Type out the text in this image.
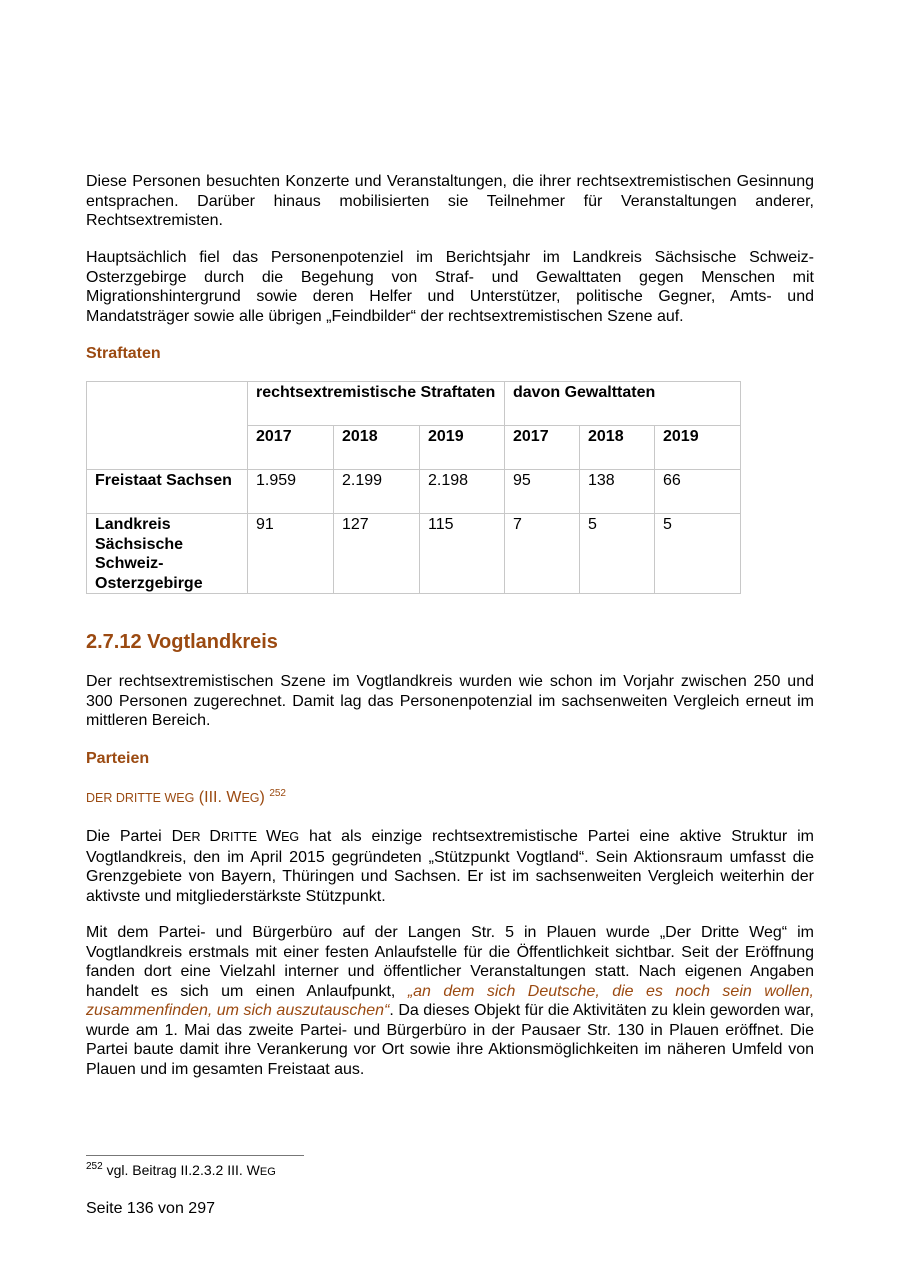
Diese Personen besuchten Konzerte und Veranstaltungen, die ihrer rechtsextremistischen Gesinnung entsprachen. Darüber hinaus mobilisierten sie Teilnehmer für Veranstaltungen anderer, Rechtsextremisten.

Hauptsächlich fiel das Personenpotenziel im Berichtsjahr im Landkreis Sächsische Schweiz-Osterzgebirge durch die Begehung von Straf- und Gewalttaten gegen Menschen mit Migrationshintergrund sowie deren Helfer und Unterstützer, politische Gegner, Amts- und Mandatsträger sowie alle übrigen „Feindbilder“ der rechtsextremistischen Szene auf.

Straftaten
	rechtsextremistische Straftaten			davon Gewalttaten		
	2017	2018	2019	2017	2018	2019
Freistaat Sachsen	1.959	2.199	2.198	95	138	66
Landkreis Sächsische Schweiz-Osterzgebirge	91	127	115	7	5	5
2.7.12 Vogtlandkreis

Der rechtsextremistischen Szene im Vogtlandkreis wurden wie schon im Vorjahr zwischen 250 und 300 Personen zugerechnet. Damit lag das Personenpotenzial im sachsenweiten Vergleich erneut im mittleren Bereich.

Parteien
DER DRITTE WEG (III. WEG) $^{252}$

Die Partei DER DRITTE WEG hat als einzige rechtsextremistische Partei eine aktive Struktur im Vogtlandkreis, den im April 2015 gegründeten „Stützpunkt Vogtland“. Sein Aktionsraum umfasst die Grenzgebiete von Bayern, Thüringen und Sachsen. Er ist im sachsenweiten Vergleich weiterhin der aktivste und mitgliederstärkste Stützpunkt.

Mit dem Partei- und Bürgerbüro auf der Langen Str. 5 in Plauen wurde „Der Dritte Weg“ im Vogtlandkreis erstmals mit einer festen Anlaufstelle für die Öffentlichkeit sichtbar. Seit der Eröffnung fanden dort eine Vielzahl interner und öffentlicher Veranstaltungen statt. Nach eigenen Angaben handelt es sich um einen Anlaufpunkt, „an dem sich Deutsche, die es noch sein wollen, zusammenfinden, um sich auszutauschen“. Da dieses Objekt für die Aktivitäten zu klein geworden war, wurde am 1. Mai das zweite Partei- und Bürgerbüro in der Pausaer Str. 130 in Plauen eröffnet. Die Partei baute damit ihre Verankerung vor Ort sowie ihre Aktionsmöglichkeiten im näheren Umfeld von Plauen und im gesamten Freistaat aus.

$^{252}$ vgl. Beitrag II.2.3.2 III. WEG
Seite 136 von 297
